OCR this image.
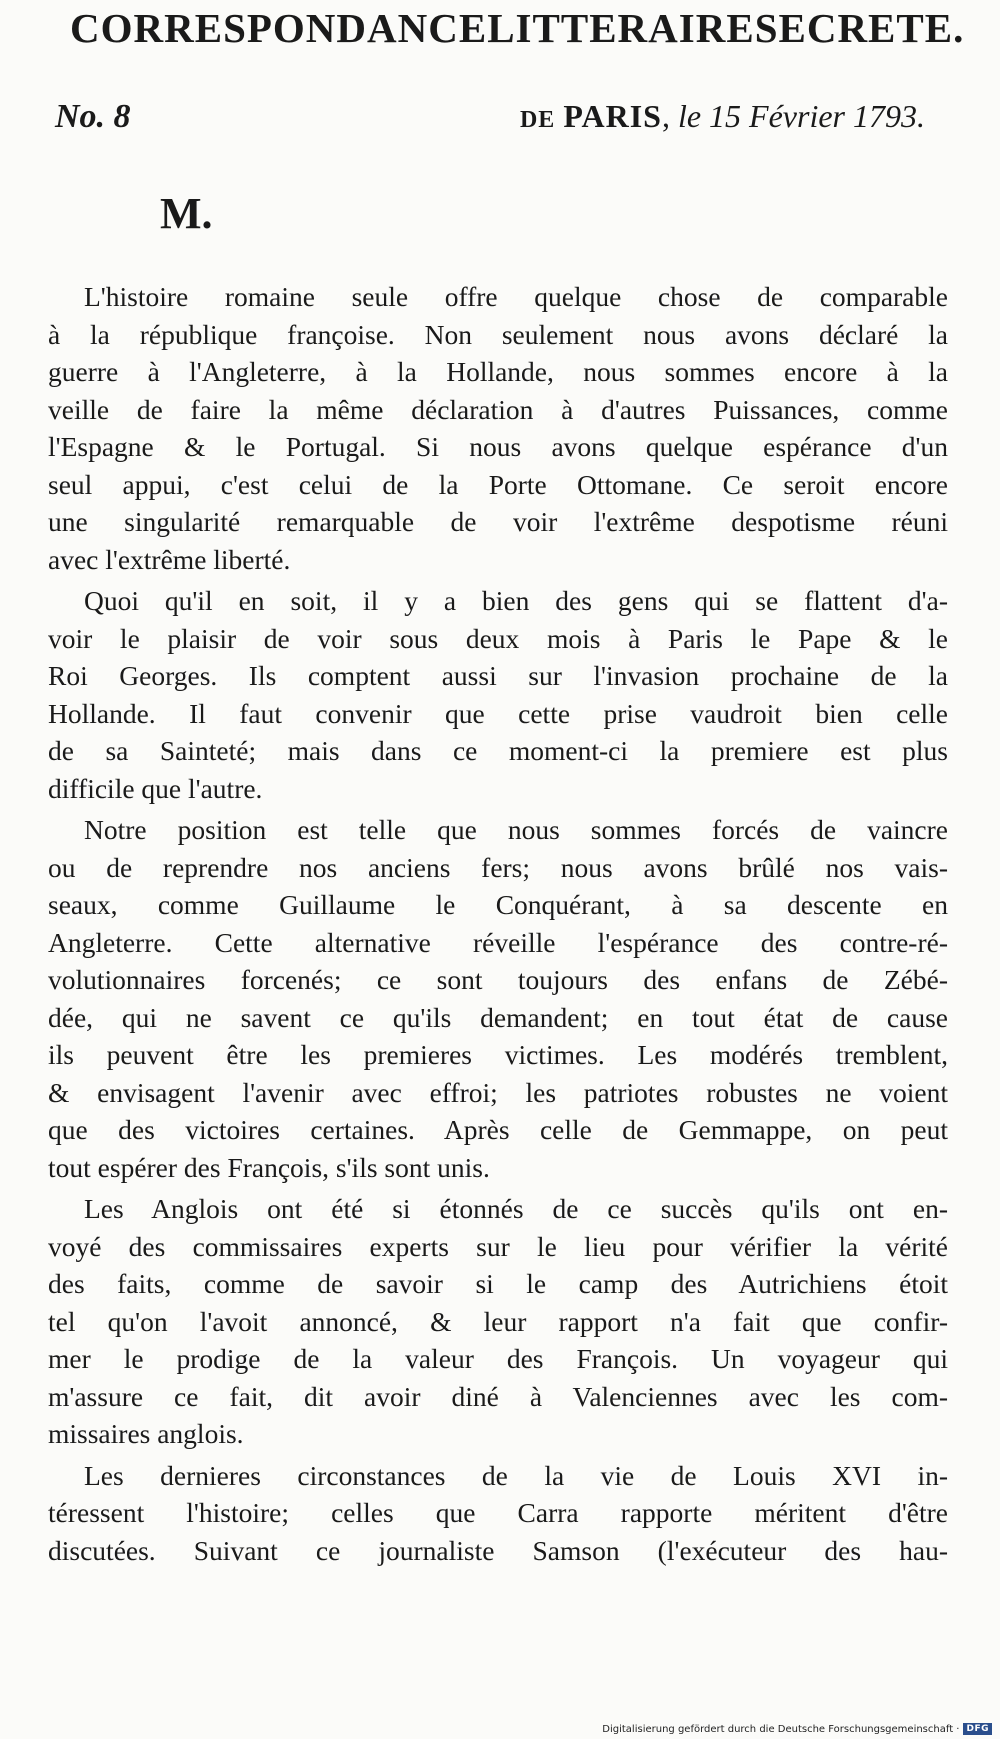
CORRESPONDANCE LITTERAIRE SECRETE.
No. 8	DE PARIS, le 15 Février 1793.
M.
L'histoire romaine seule offre quelque chose de comparable
à la république françoise. Non seulement nous avons déclaré la
guerre à l'Angleterre, à la Hollande, nous sommes encore à la
veille de faire la même déclaration à d'autres Puissances, comme
l'Espagne & le Portugal. Si nous avons quelque espérance d'un
seul appui, c'est celui de la Porte Ottomane. Ce seroit encore
une singularité remarquable de voir l'extrême despotisme réuni
avec l'extrême liberté.
Quoi qu'il en soit, il y a bien des gens qui se flattent d'a-
voir le plaisir de voir sous deux mois à Paris le Pape & le
Roi Georges. Ils comptent aussi sur l'invasion prochaine de la
Hollande. Il faut convenir que cette prise vaudroit bien celle
de sa Sainteté; mais dans ce moment-ci la premiere est plus
difficile que l'autre.
Notre position est telle que nous sommes forcés de vaincre
ou de reprendre nos anciens fers; nous avons brûlé nos vais-
seaux, comme Guillaume le Conquérant, à sa descente en
Angleterre. Cette alternative réveille l'espérance des contre-ré-
volutionnaires forcenés; ce sont toujours des enfans de Zébé-
dée, qui ne savent ce qu'ils demandent; en tout état de cause
ils peuvent être les premieres victimes. Les modérés tremblent,
& envisagent l'avenir avec effroi; les patriotes robustes ne voient
que des victoires certaines. Après celle de Gemmappe, on peut
tout espérer des François, s'ils sont unis.
Les Anglois ont été si étonnés de ce succès qu'ils ont en-
voyé des commissaires experts sur le lieu pour vérifier la vérité
des faits, comme de savoir si le camp des Autrichiens étoit
tel qu'on l'avoit annoncé, & leur rapport n'a fait que confir-
mer le prodige de la valeur des François. Un voyageur qui
m'assure ce fait, dit avoir diné à Valenciennes avec les com-
missaires anglois.
Les dernieres circonstances de la vie de Louis XVI in-
téressent l'histoire; celles que Carra rapporte méritent d'être
discutées. Suivant ce journaliste Samson (l'exécuteur des hau-
Digitalisierung gefördert durch die Deutsche Forschungsgemeinschaft · DFG
